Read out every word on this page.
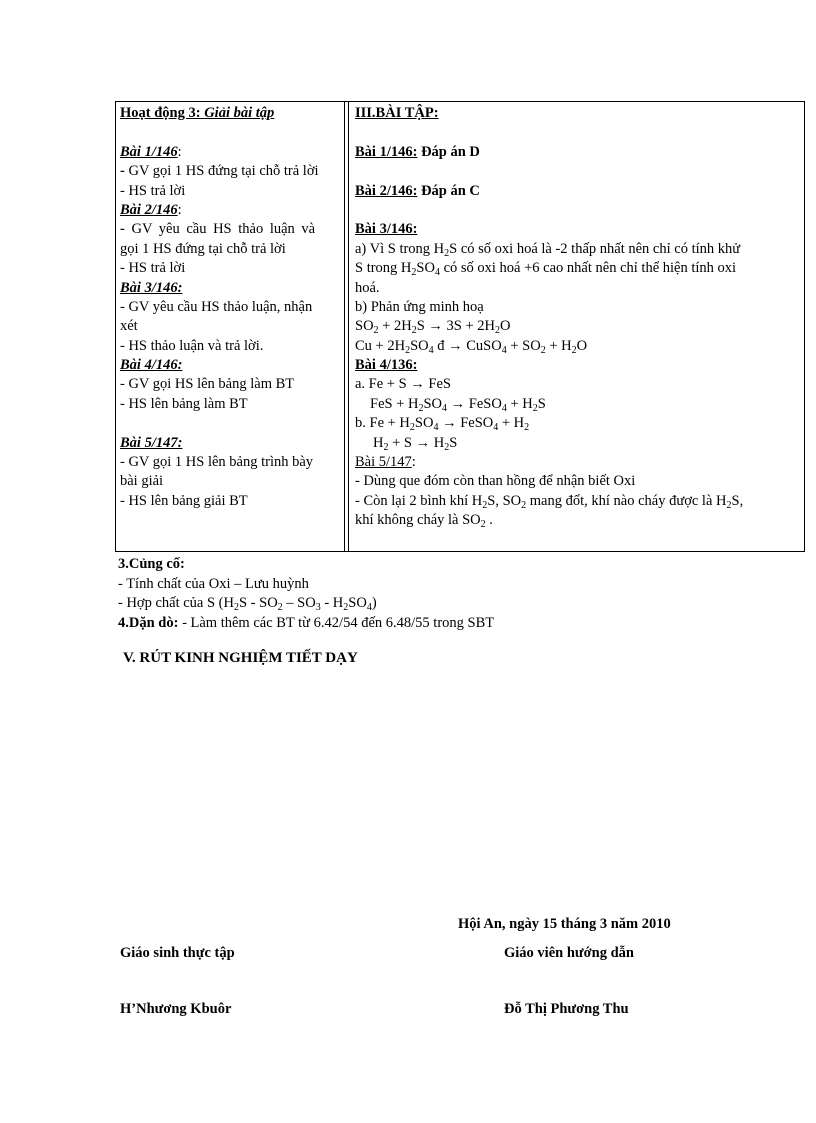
Hoạt động 3: Giải bài tập
Bài 1/146:
- GV gọi 1 HS đứng tại chỗ trả lời
- HS trả lời
Bài 2/146:
- GV yêu cầu HS thảo luận và
gọi 1 HS đứng tại chỗ trả lời
- HS trả lời
Bài 3/146:
- GV yêu cầu HS thảo luận, nhận
xét
- HS thảo luận và trả lời.
Bài 4/146:
- GV gọi HS lên bảng làm BT
- HS lên bảng làm BT
Bài 5/147:
- GV gọi 1 HS lên bảng trình bày
bài giải
- HS lên bảng giải BT
III.BÀI TẬP:
Bài 1/146: Đáp án D
Bài 2/146: Đáp án C
Bài 3/146:
a) Vì S trong $H_2S$ có số oxi hoá là -2 thấp nhất nên chỉ có tính khử
S trong $H_2SO_4$ có số oxi hoá +6 cao nhất nên chỉ thể hiện tính oxi
hoá.
b) Phản ứng minh hoạ
$SO_2 + 2H_2S \to 3S + 2H_2O$
$Cu + 2H_2SO_4$ đ → CuSO$_4$ + $SO_2 + H_2O$
Bài 4/136:
a. Fe + S → FeS
FeS + $H_2SO_4$ → FeSO$_4$ + $H_2S$
b. $Fe + H_2SO_4$ → FeSO$_4$ + $H_2$
$H_2 + S \to H_2S$
Bài 5/147:
- Dùng que đóm còn than hồng để nhận biết Oxi
- Còn lại 2 bình khí $H_2S$, $SO_2$ mang đốt, khí nào cháy được là $H_2S$,
khí không cháy là $SO_2$ .
3.Củng cố:
- Tính chất của Oxi – Lưu huỳnh
- Hợp chất của S $(H_2S - SO_2 - SO_3 - H_2SO_4)$
4.Dặn dò: - Làm thêm các BT từ 6.42/54 đến 6.48/55 trong SBT
V. RÚT KINH NGHIỆM TIẾT DẠY
Hội An, ngày 15 tháng 3 năm 2010
Giáo sinh thực tập	Giáo viên hướng dẫn
H’Nhương Kbuôr	Đỗ Thị Phương Thu
